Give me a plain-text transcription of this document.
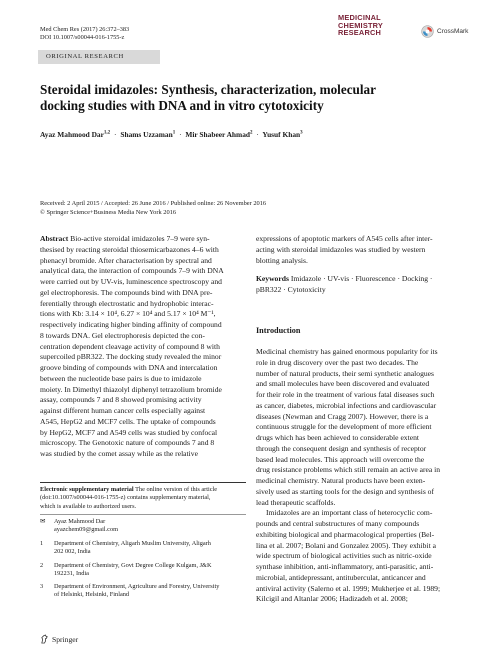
Med Chem Res (2017) 26:372–383
DOI 10.1007/s00044-016-1755-z
MEDICINAL
CHEMISTRY
RESEARCH	CrossMark
ORIGINAL RESEARCH
Steroidal imidazoles: Synthesis, characterization, molecular
docking studies with DNA and in vitro cytotoxicity
Ayaz Mahmood Dar$^{1,2}$ · Shams Uzzaman$^1$ · Mir Shabeer Ahmad$^2$ · Yusuf Khan$^3$
Received: 2 April 2015 / Accepted: 26 June 2016 / Published online: 26 November 2016
© Springer Science+Business Media New York 2016
Abstract Bio-active steroidal imidazoles 7–9 were syn-
thesised by reacting steroidal thiosemicarbazones 4–6 with
phenacyl bromide. After characterisation by spectral and
analytical data, the interaction of compounds 7–9 with DNA
were carried out by UV-vis, luminescence spectroscopy and
gel electrophoresis. The compounds bind with DNA pre-
ferentially through electrostatic and hydrophobic interac-
tions with Kb: 3.14 × 10⁴, 6.27 × 10⁴ and 5.17 × 10⁴ M⁻¹,
respectively indicating higher binding affinity of compound
8 towards DNA. Gel electrophoresis depicted the con-
centration dependent cleavage activity of compound 8 with
supercoiled pBR322. The docking study revealed the minor
groove binding of compounds with DNA and intercalation
between the nucleotide base pairs is due to imidazole
moiety. In Dimethyl thiazolyl diphenyl tetrazolium bromide
assay, compounds 7 and 8 showed promising activity
against different human cancer cells especially against
A545, HepG2 and MCF7 cells. The uptake of compounds
by HepG2, MCF7 and A549 cells was studied by confocal
microscopy. The Genotoxic nature of compounds 7 and 8
was studied by the comet assay while as the relative
expressions of apoptotic markers of A545 cells after inter-
acting with steroidal imidazoles was studied by western
blotting analysis.
Keywords Imidazole · UV-vis · Fluorescence · Docking ·
pBR322 · Cytotoxicity
Introduction
Medicinal chemistry has gained enormous popularity for its
role in drug discovery over the past two decades. The
number of natural products, their semi synthetic analogues
and small molecules have been discovered and evaluated
for their role in the treatment of various fatal diseases such
as cancer, diabetes, microbial infections and cardiovascular
diseases (Newman and Cragg 2007). However, there is a
continuous struggle for the development of more efficient
drugs which has been achieved to considerable extent
through the consequent design and synthesis of receptor
based lead molecules. This approach will overcome the
drug resistance problems which still remain an active area in
medicinal chemistry. Natural products have been exten-
sively used as starting tools for the design and synthesis of
lead therapeutic scaffolds.
Imidazoles are an important class of heterocyclic com-
pounds and central substructures of many compounds
exhibiting biological and pharmacological properties (Bel-
lina et al. 2007; Bolani and Gonzalez 2005). They exhibit a
wide spectrum of biological activities such as nitric-oxide
synthase inhibition, anti-inflammatory, anti-parasitic, anti-
microbial, antidepressant, antituberculat, anticancer and
antiviral activity (Salerno et al. 1999; Mukherjee et al. 1989;
Kilcigil and Altanlar 2006; Hadizadeh et al. 2008;
Electronic supplementary material The online version of this article
(doi:10.1007/s00044-016-1755-z) contains supplementary material,
which is available to authorized users.
✉	Ayaz Mahmood Dar
ayazchem09@gmail.com
1	Department of Chemistry, Aligarh Muslim University, Aligarh
202 002, India
2	Department of Chemistry, Govt Degree College Kulgam, J&K
192231, India
3	Department of Environment, Agriculture and Forestry, University
of Helsinki, Helsinki, Finland
Springer
